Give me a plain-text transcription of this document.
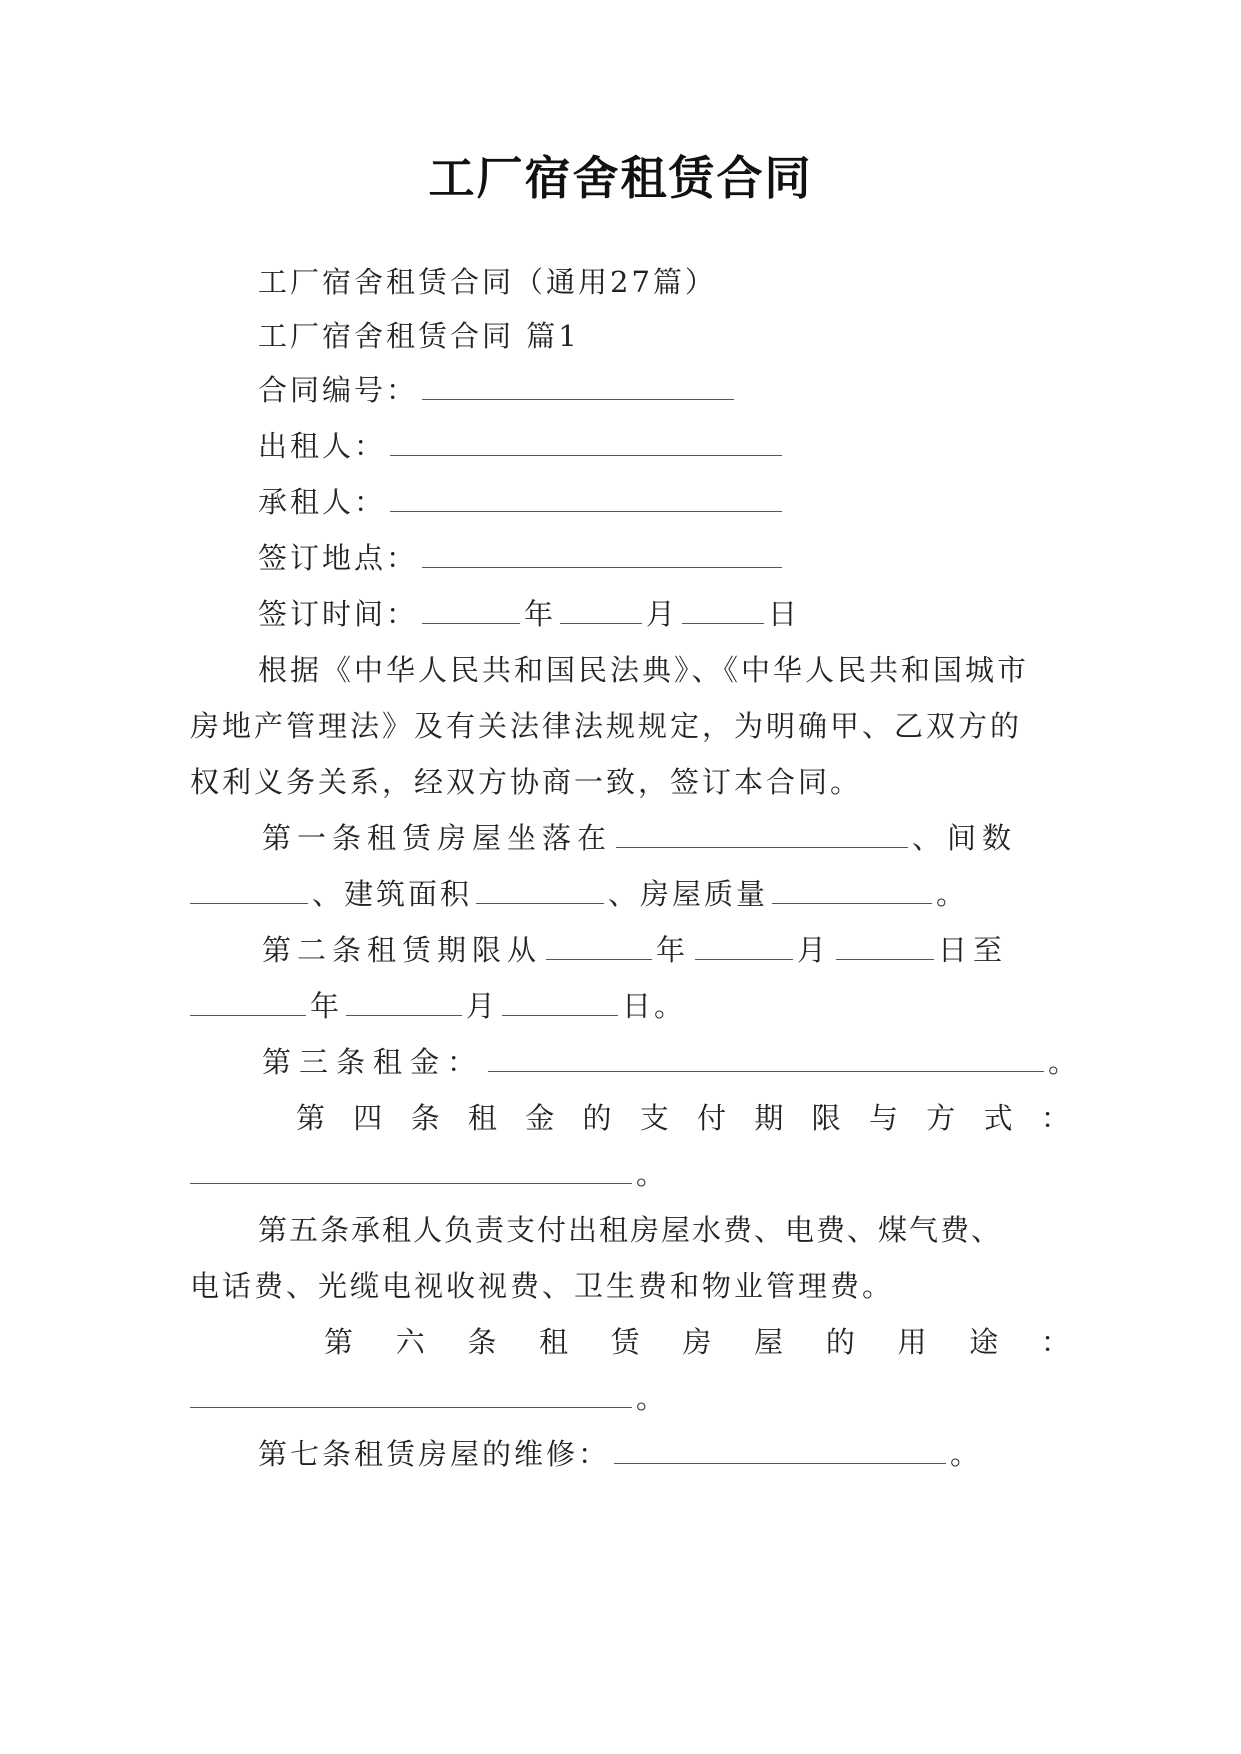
工厂宿舍租赁合同
工厂宿舍租赁合同（通用27篇）
工厂宿舍租赁合同 篇1
合同编号：
出租人：
承租人：
签订地点：
签订时间：	年	月	日
根据《中华人民共和国民法典》、《中华人民共和国城市
房地产管理法》及有关法律法规规定，为明确甲、乙双方的
权利义务关系，经双方协商一致，签订本合同。
第一条租赁房屋坐落在	、间数
、建筑面积	、房屋质量	。
第二条租赁期限从	年	月	日至
年	月	日。
第三条租金：	。
第 四 条 租 金 的 支 付 期 限 与 方 式 ：
。
第五条承租人负责支付出租房屋水费、电费、煤气费、
电话费、光缆电视收视费、卫生费和物业管理费。
第 六 条 租 赁 房 屋 的 用 途 ：
。
第七条租赁房屋的维修：	。
